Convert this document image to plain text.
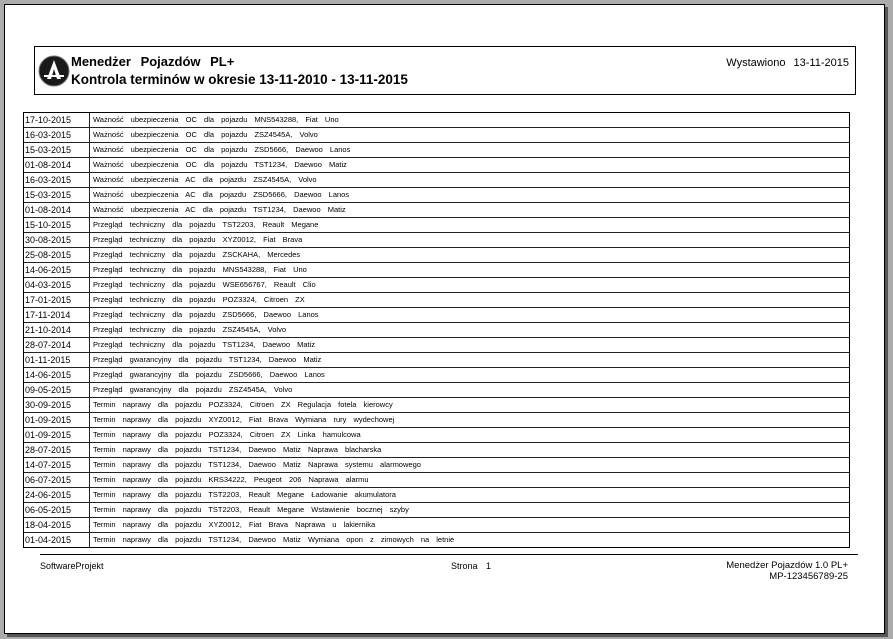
Menedżer Pojazdów PL+
Kontrola terminów w okresie 13-11-2010 - 13-11-2015
Wystawiono 13-11-2015
17-10-2015	Ważność ubezpieczenia OC dla pojazdu MNS543288, Fiat Uno
16-03-2015	Ważność ubezpieczenia OC dla pojazdu ZSZ4545A, Volvo
15-03-2015	Ważność ubezpieczenia OC dla pojazdu ZSD5666, Daewoo Lanos
01-08-2014	Ważność ubezpieczenia OC dla pojazdu TST1234, Daewoo Matiz
16-03-2015	Ważność ubezpieczenia AC dla pojazdu ZSZ4545A, Volvo
15-03-2015	Ważność ubezpieczenia AC dla pojazdu ZSD5666, Daewoo Lanos
01-08-2014	Ważność ubezpieczenia AC dla pojazdu TST1234, Daewoo Matiz
15-10-2015	Przegląd techniczny dla pojazdu TST2203, Reault Megane
30-08-2015	Przegląd techniczny dla pojazdu XYZ0012, Fiat Brava
25-08-2015	Przegląd techniczny dla pojazdu ZSCKAHA, Mercedes
14-06-2015	Przegląd techniczny dla pojazdu MNS543288, Fiat Uno
04-03-2015	Przegląd techniczny dla pojazdu WSE656767, Reault Clio
17-01-2015	Przegląd techniczny dla pojazdu POZ3324, Citroen ZX
17-11-2014	Przegląd techniczny dla pojazdu ZSD5666, Daewoo Lanos
21-10-2014	Przegląd techniczny dla pojazdu ZSZ4545A, Volvo
28-07-2014	Przegląd techniczny dla pojazdu TST1234, Daewoo Matiz
01-11-2015	Przegląd gwarancyjny dla pojazdu TST1234, Daewoo Matiz
14-06-2015	Przegląd gwarancyjny dla pojazdu ZSD5666, Daewoo Lanos
09-05-2015	Przegląd gwarancyjny dla pojazdu ZSZ4545A, Volvo
30-09-2015	Termin naprawy dla pojazdu POZ3324, Citroen ZX Regulacja fotela kierowcy
01-09-2015	Termin naprawy dla pojazdu XYZ0012, Fiat Brava Wymiana rury wydechowej
01-09-2015	Termin naprawy dla pojazdu POZ3324, Citroen ZX Linka hamulcowa
28-07-2015	Termin naprawy dla pojazdu TST1234, Daewoo Matiz Naprawa blacharska
14-07-2015	Termin naprawy dla pojazdu TST1234, Daewoo Matiz Naprawa systemu alarmowego
06-07-2015	Termin naprawy dla pojazdu KRS34222, Peugeot 206 Naprawa alarmu
24-06-2015	Termin naprawy dla pojazdu TST2203, Reault Megane Ładowanie akumulatora
06-05-2015	Termin naprawy dla pojazdu TST2203, Reault Megane Wstawienie bocznej szyby
18-04-2015	Termin naprawy dla pojazdu XYZ0012, Fiat Brava Naprawa u lakiernika
01-04-2015	Termin naprawy dla pojazdu TST1234, Daewoo Matiz Wymiana opon z zimowych na letnie
SoftwareProjekt	Strona 1	Menedżer Pojazdów 1.0 PL+
MP-123456789-25
